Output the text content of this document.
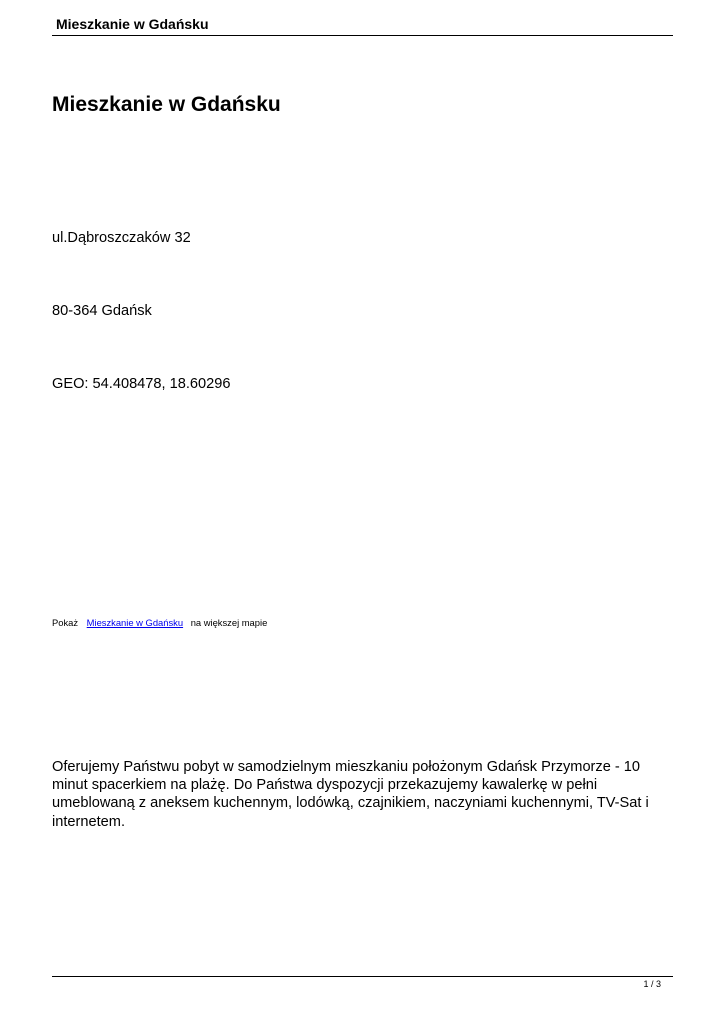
Mieszkanie w Gdańsku
Mieszkanie w Gdańsku

ul.Dąbroszczaków 32

80-364 Gdańsk

GEO: 54.408478, 18.60296

Pokaż Mieszkanie w Gdańsku na większej mapie

Oferujemy Państwu pobyt w samodzielnym mieszkaniu położonym Gdańsk Przymorze - 10 minut spacerkiem na plażę. Do Państwa dyspozycji przekazujemy kawalerkę w pełni umeblowaną z aneksem kuchennym, lodówką, czajnikiem, naczyniami kuchennymi, TV-Sat i internetem.

1 / 3
